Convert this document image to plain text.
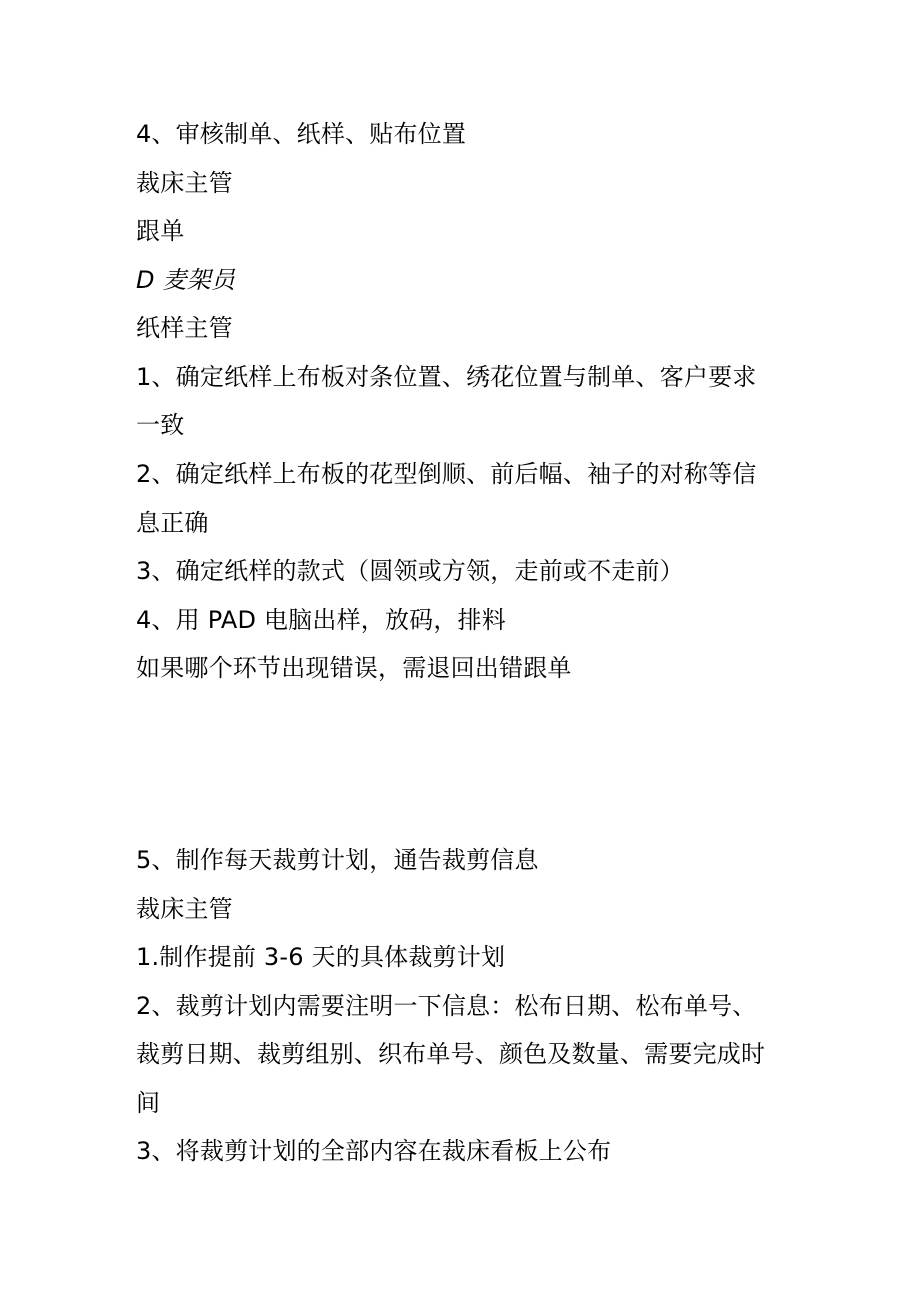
4、审核制单、纸样、贴布位置
裁床主管
跟单
D 麦架员
纸样主管
1、确定纸样上布板对条位置、绣花位置与制单、客户要求
一致
2、确定纸样上布板的花型倒顺、前后幅、袖子的对称等信
息正确
3、确定纸样的款式（圆领或方领，走前或不走前）
4、用 PAD 电脑出样，放码，排料
如果哪个环节出现错误，需退回出错跟单
5、制作每天裁剪计划，通告裁剪信息
裁床主管
1.制作提前 3-6 天的具体裁剪计划
2、裁剪计划内需要注明一下信息：松布日期、松布单号、
裁剪日期、裁剪组别、织布单号、颜色及数量、需要完成时
间
3、将裁剪计划的全部内容在裁床看板上公布
